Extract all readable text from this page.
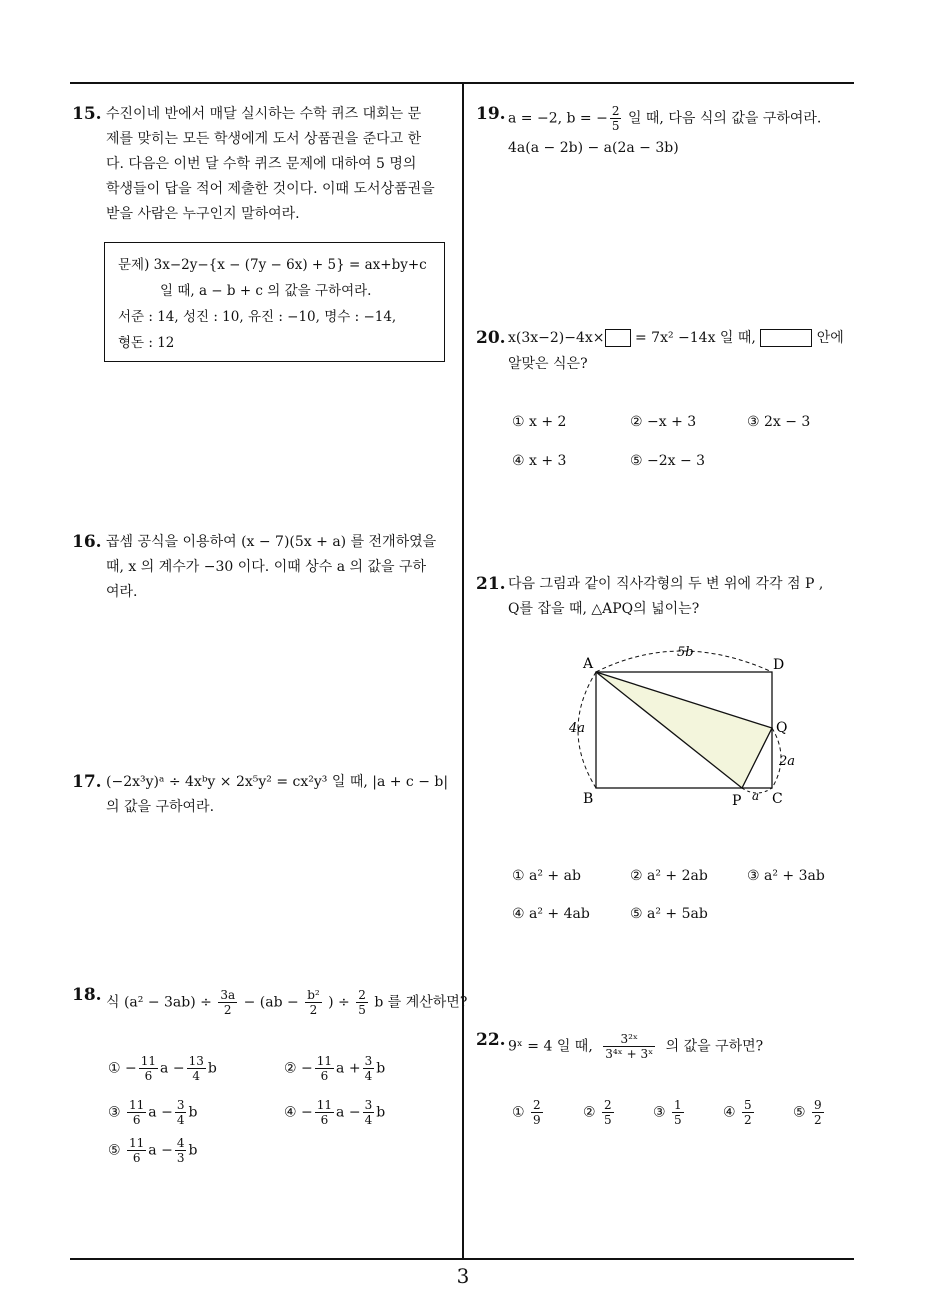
15. 수진이네 반에서 매달 실시하는 수학 퀴즈 대회는 문
제를 맞히는 모든 학생에게 도서 상품권을 준다고 한
다. 다음은 이번 달 수학 퀴즈 문제에 대하여 5 명의
학생들이 답을 적어 제출한 것이다. 이때 도서상품권을
받을 사람은 누구인지 말하여라.
문제) 3x−2y−{x − (7y − 6x) + 5} = ax+by+c
일 때, a − b + c 의 값을 구하여라.
서준 : 14, 성진 : 10, 유진 : −10, 명수 : −14,
형돈 : 12
16. 곱셈 공식을 이용하여 (x − 7)(5x + a) 를 전개하였을
때, x 의 계수가 −30 이다. 이때 상수 a 의 값을 구하
여라.
17. (−2x³y)ᵃ ÷ 4xᵇy × 2x⁵y² = cx²y³ 일 때, |a + c − b|
의 값을 구하여라.
18. 식 $(a^2 - 3ab) \div \frac{3a}{2} - (ab - \frac{\text{b²}}{2}$ ) ÷ $\frac{2}{5}$ b 를 계산하면?
① − $\frac{11}{6}$ $a - \frac{13}{4}$ b	② − $\frac{11}{6}$ $a + \frac{3}{4}$ b
③ $\frac{11}{6}$ $a - \frac{3}{4}$ b	④ − $\frac{11}{6}$ $a - \frac{3}{4}$ b
⑤ $\frac{11}{6}$ $a - \frac{4}{3}$ b
19. a = −2, b = − $\frac{2}{5}$ 일 때, 다음 식의 값을 구하여라.
4a(a − 2b) − a(2a − 3b)
20. x(3x−2)−4x× = 7x² −14x 일 때,	안에
알맞은 식은?
① x + 2	② −x + 3	③ 2x − 3
④ x + 3	⑤ −2x − 3
21. 다음 그림과 같이 직사각형의 두 변 위에 각각 점 P ,
Q를 잡을 때, △APQ의 넓이는?
A	D
B	C
P
Q
5b
4a
2a
a
① a² + ab	② a² + 2ab	③ a² + 3ab
④ a² + 4ab	⑤ a² + 5ab
22. 9ˣ = 4 일 때, $\frac{\text{3²ˣ}}{\text{3⁴ˣ + 3ˣ}}$ 의 값을 구하면?
① $\frac{2}{9}$	② $\frac{2}{5}$	③ $\frac{1}{5}$	④ $\frac{5}{2}$	⑤ $\frac{9}{2}$
3
